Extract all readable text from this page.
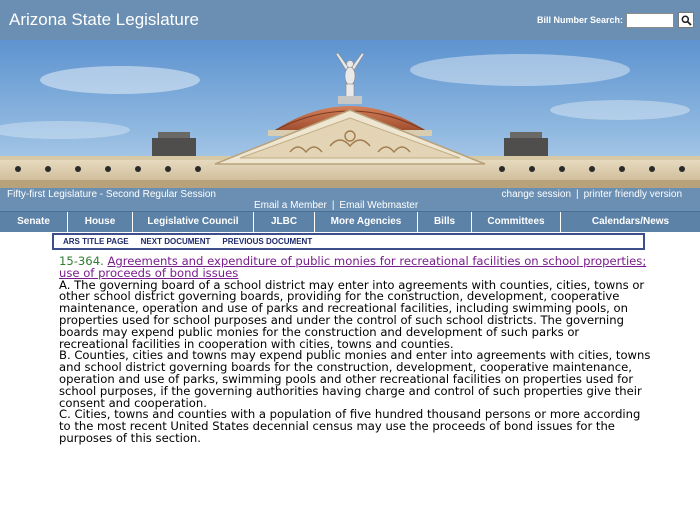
Arizona State Legislature	Bill Number Search:
Fifty-first Legislature - Second Regular Session	change session | printer friendly version
Email a Member | Email Webmaster
Senate	House	Legislative Council	JLBC	More Agencies	Bills	Committees	Calendars/News
ARS TITLE PAGE NEXT DOCUMENT PREVIOUS DOCUMENT
15-364. Agreements and expenditure of public monies for recreational facilities on school properties; use of proceeds of bond issues
A. The governing board of a school district may enter into agreements with counties, cities, towns or other school district governing boards, providing for the construction, development, cooperative maintenance, operation and use of parks and recreational facilities, including swimming pools, on properties used for school purposes and under the control of such school districts. The governing boards may expend public monies for the construction and development of such parks or recreational facilities in cooperation with cities, towns and counties.
B. Counties, cities and towns may expend public monies and enter into agreements with cities, towns and school district governing boards for the construction, development, cooperative maintenance, operation and use of parks, swimming pools and other recreational facilities on properties used for school purposes, if the governing authorities having charge and control of such properties give their consent and cooperation.
C. Cities, towns and counties with a population of five hundred thousand persons or more according to the most recent United States decennial census may use the proceeds of bond issues for the purposes of this section.
